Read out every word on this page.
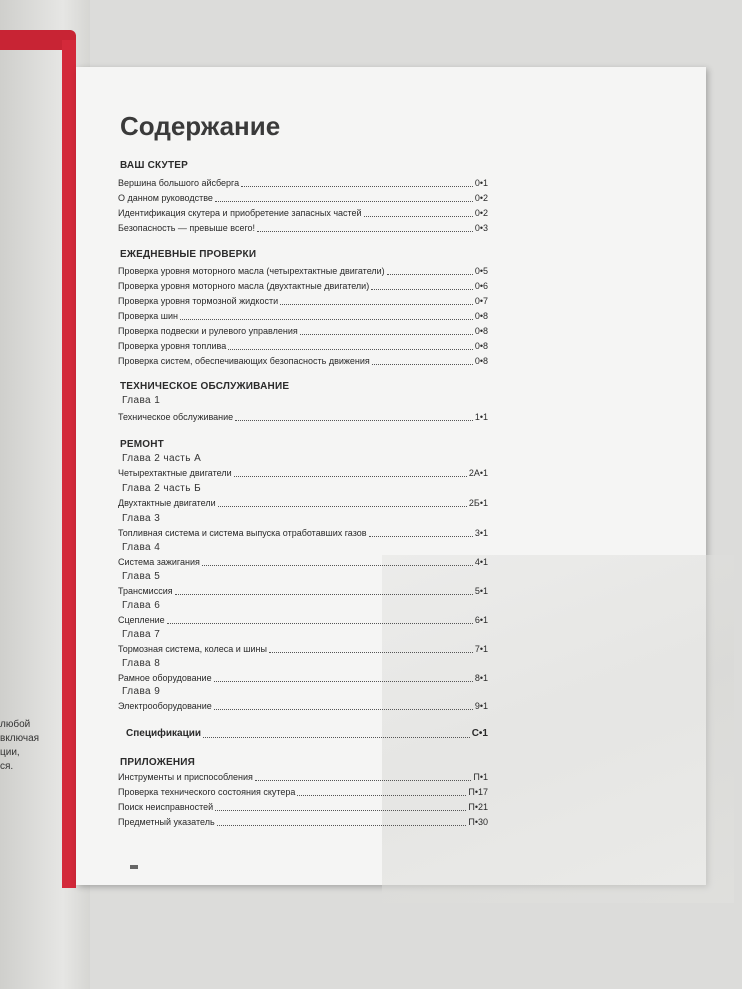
любой
включая
ции,
ся.
Содержание
ВАШ СКУТЕР
Вершина большого айсберга	0•1
О данном руководстве	0•2
Идентификация скутера и приобретение запасных частей	0•2
Безопасность — превыше всего!	0•3
ЕЖЕДНЕВНЫЕ ПРОВЕРКИ
Проверка уровня моторного масла (четырехтактные двигатели)	0•5
Проверка уровня моторного масла (двухтактные двигатели)	0•6
Проверка уровня тормозной жидкости	0•7
Проверка шин	0•8
Проверка подвески и рулевого управления	0•8
Проверка уровня топлива	0•8
Проверка систем, обеспечивающих безопасность движения	0•8
ТЕХНИЧЕСКОЕ ОБСЛУЖИВАНИЕ
Глава 1
Техническое обслуживание	1•1
РЕМОНТ
Глава 2 часть А
Четырехтактные двигатели	2А•1
Глава 2 часть Б
Двухтактные двигатели	2Б•1
Глава 3
Топливная система и система выпуска отработавших газов	3•1
Глава 4
Система зажигания	4•1
Глава 5
Трансмиссия	5•1
Глава 6
Сцепление	6•1
Глава 7
Тормозная система, колеса и шины	7•1
Глава 8
Рамное оборудование	8•1
Глава 9
Электрооборудование	9•1
Спецификации	С•1
ПРИЛОЖЕНИЯ
Инструменты и приспособления	П•1
Проверка технического состояния скутера	П•17
Поиск неисправностей	П•21
Предметный указатель	П•30
